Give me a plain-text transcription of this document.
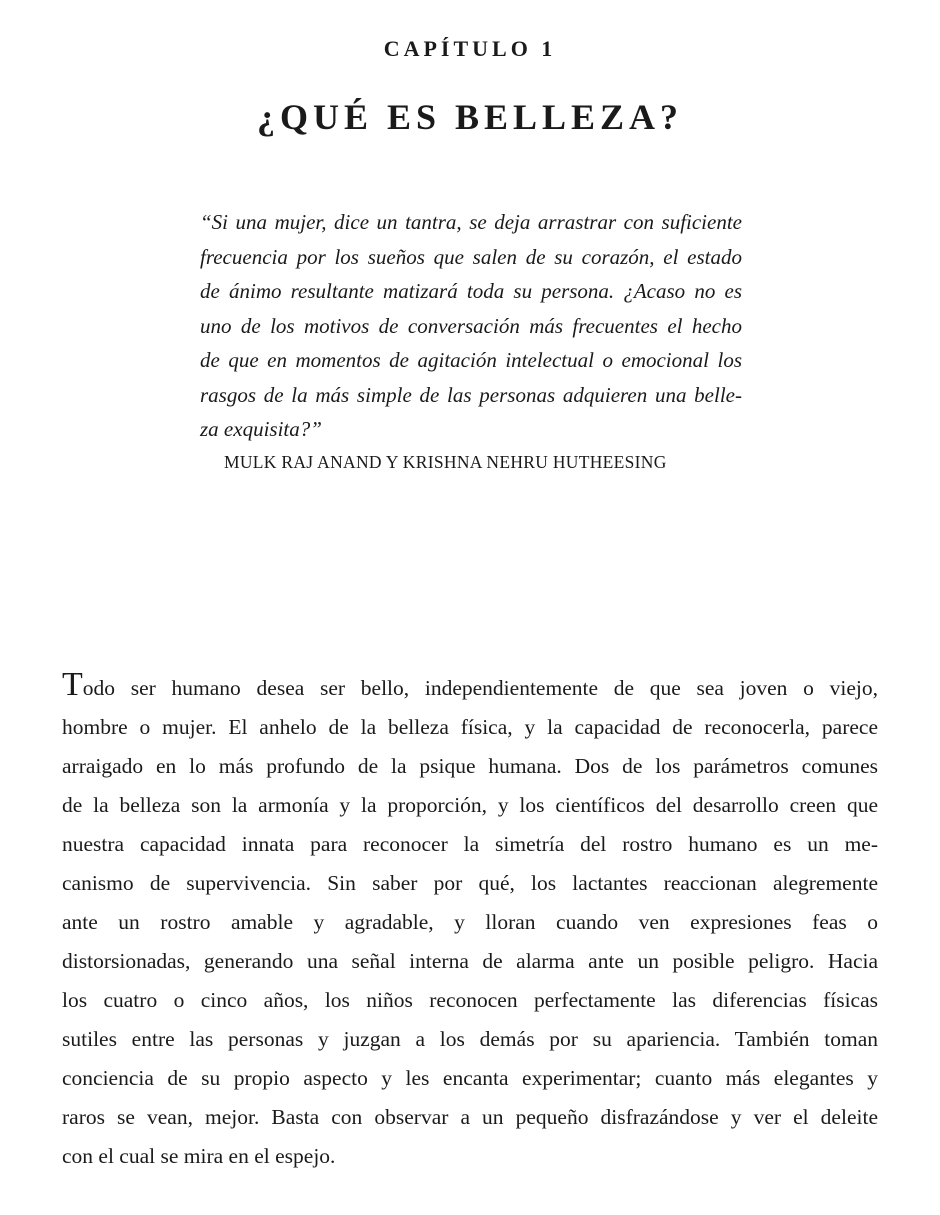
CAPÍTULO 1
¿QUÉ ES BELLEZA?

“Si una mujer, dice un tantra, se deja arrastrar con suficiente
frecuencia por los sueños que salen de su corazón, el estado
de ánimo resultante matizará toda su persona. ¿Acaso no es
uno de los motivos de conversación más frecuentes el hecho
de que en momentos de agitación intelectual o emocional los
rasgos de la más simple de las personas adquieren una belle-
za exquisita?”

MULK RAJ ANAND Y KRISHNA NEHRU HUTHEESING

Todo ser humano desea ser bello, independientemente de que sea joven o viejo,
hombre o mujer. El anhelo de la belleza física, y la capacidad de reconocerla, parece
arraigado en lo más profundo de la psique humana. Dos de los parámetros comunes
de la belleza son la armonía y la proporción, y los científicos del desarrollo creen que
nuestra capacidad innata para reconocer la simetría del rostro humano es un me-
canismo de supervivencia. Sin saber por qué, los lactantes reaccionan alegremente
ante un rostro amable y agradable, y lloran cuando ven expresiones feas o
distorsionadas, generando una señal interna de alarma ante un posible peligro. Hacia
los cuatro o cinco años, los niños reconocen perfectamente las diferencias físicas
sutiles entre las personas y juzgan a los demás por su apariencia. También toman
conciencia de su propio aspecto y les encanta experimentar; cuanto más elegantes y
raros se vean, mejor. Basta con observar a un pequeño disfrazándose y ver el deleite
con el cual se mira en el espejo.
